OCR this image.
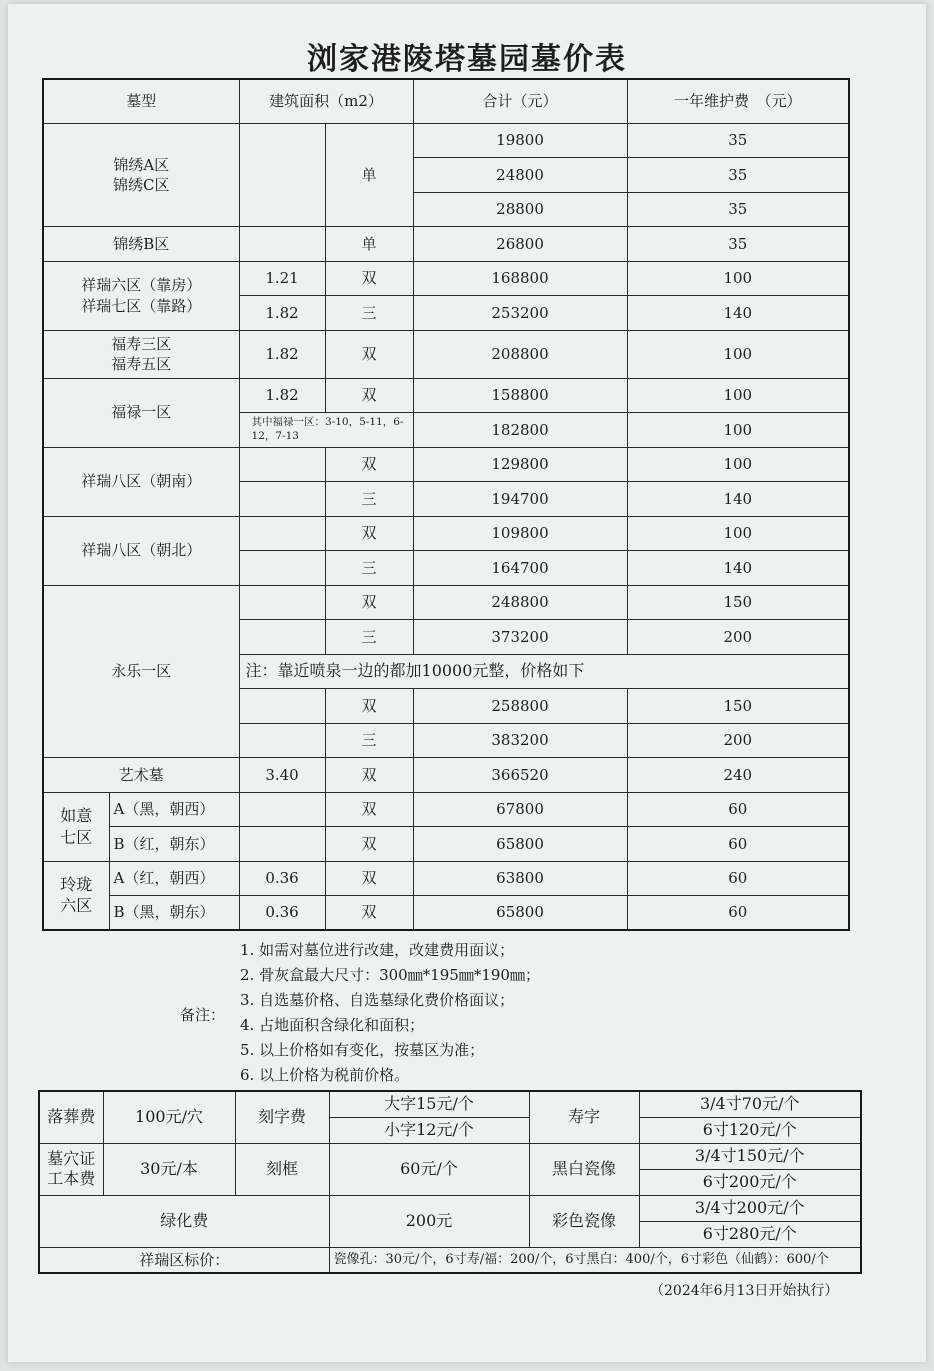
浏家港陵塔墓园墓价表
墓型		建筑面积（m2）		合计（元）	一年维护费　（元）
锦绣A区
锦绣C区			单	19800	35
				24800	35
				28800	35
锦绣B区			单	26800	35
祥瑞六区（靠房）
祥瑞七区（靠路）		1.21	双	168800	100
		1.82	三	253200	140
福寿三区
福寿五区		1.82	双	208800	100
福禄一区		1.82	双	158800	100
		其中福禄一区：3-10，5-11，6-12，7-13		182800	100
祥瑞八区（朝南）			双	129800	100
			三	194700	140
祥瑞八区（朝北）			双	109800	100
			三	164700	140
永乐一区			双	248800	150
			三	373200	200
		注：靠近喷泉一边的都加10000元整，价格如下			
			双	258800	150
			三	383200	200
艺术墓		3.40	双	366520	240
如意
七区	A（黑，朝西）		双	67800	60
	B（红，朝东）		双	65800	60
玲珑
六区	A（红，朝西）	0.36	双	63800	60
	B（黑，朝东）	0.36	双	65800	60
备注：
1. 如需对墓位进行改建，改建费用面议；
2. 骨灰盒最大尺寸：300㎜*195㎜*190㎜；
3. 自选墓价格、自选墓绿化费价格面议；
4. 占地面积含绿化和面积；
5. 以上价格如有变化，按墓区为准；
6. 以上价格为税前价格。
落葬费	100元/穴	刻字费	大字15元/个	寿字	3/4寸70元/个
			小字12元/个		6寸120元/个
墓穴证
工本费	30元/本	刻框	60元/个	黑白瓷像	3/4寸150元/个
					6寸200元/个
绿化费			200元	彩色瓷像	3/4寸200元/个
					6寸280元/个
祥瑞区标价：			瓷像孔：30元/个，6寸寿/福：200/个，6寸黑白：400/个，6寸彩色（仙鹤）：600/个		
（2024年6月13日开始执行）
